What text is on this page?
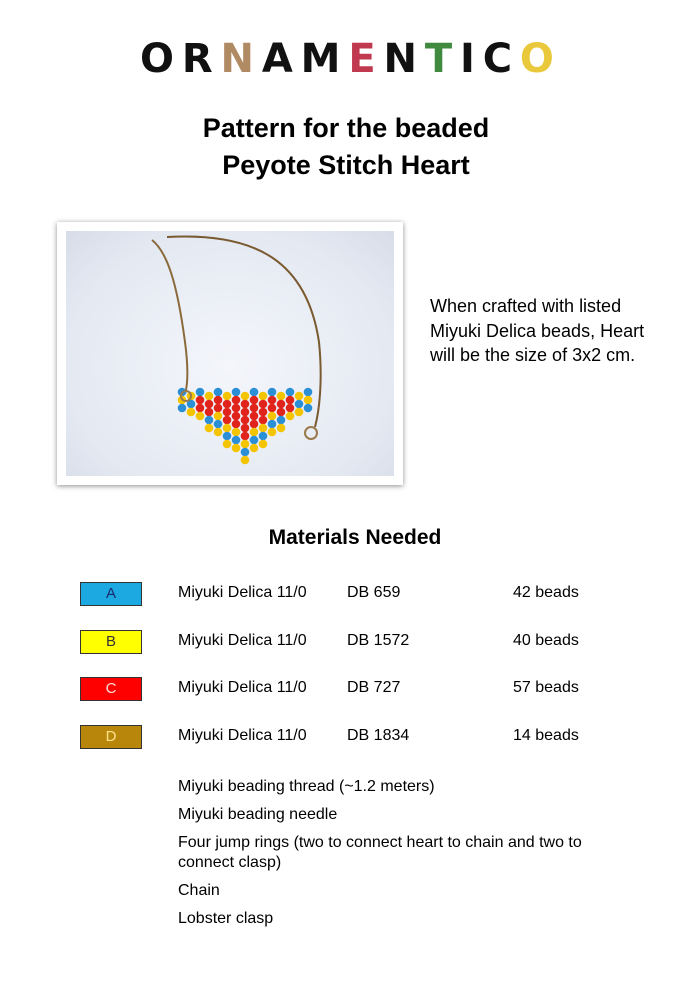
O R N A M E N T I C O
Pattern for the beaded
Peyote Stitch Heart
When crafted with listed Miyuki Delica beads, Heart will be the size of 3x2 cm.
Materials Needed
A	Miyuki Delica 11/0	DB 659	42 beads
B	Miyuki Delica 11/0	DB 1572	40 beads
C	Miyuki Delica 11/0	DB 727	57 beads
D	Miyuki Delica 11/0	DB 1834	14 beads
Miyuki beading thread (~1.2 meters)
Miyuki beading needle
Four jump rings (two to connect heart to chain and two to connect clasp)
Chain
Lobster clasp
